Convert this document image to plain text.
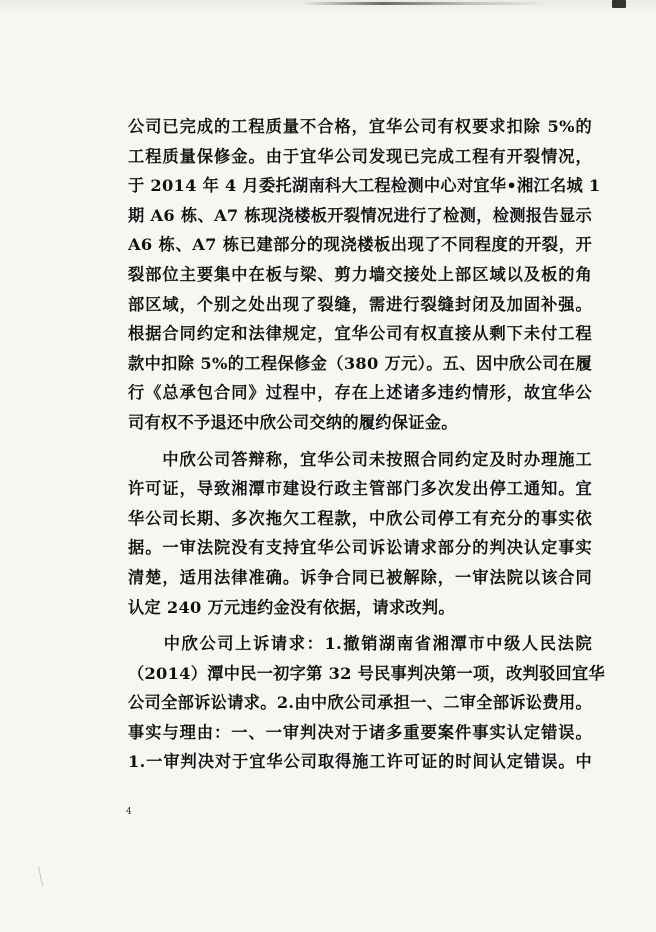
公司已完成的工程质量不合格，宜华公司有权要求扣除 5%的
工程质量保修金。由于宜华公司发现已完成工程有开裂情况，
于 2014 年 4 月委托湖南科大工程检测中心对宜华•湘江名城 1
期 A6 栋、A7 栋现浇楼板开裂情况进行了检测，检测报告显示
A6 栋、A7 栋已建部分的现浇楼板出现了不同程度的开裂，开
裂部位主要集中在板与梁、剪力墙交接处上部区域以及板的角
部区域，个别之处出现了裂缝，需进行裂缝封闭及加固补强。
根据合同约定和法律规定，宜华公司有权直接从剩下未付工程
款中扣除 5%的工程保修金（380 万元）。五、因中欣公司在履
行《总承包合同》过程中，存在上述诸多违约情形，故宜华公
司有权不予退还中欣公司交纳的履约保证金。
　　中欣公司答辩称，宜华公司未按照合同约定及时办理施工
许可证，导致湘潭市建设行政主管部门多次发出停工通知。宜
华公司长期、多次拖欠工程款，中欣公司停工有充分的事实依
据。一审法院没有支持宜华公司诉讼请求部分的判决认定事实
清楚，适用法律准确。诉争合同已被解除，一审法院以该合同
认定 240 万元违约金没有依据，请求改判。
　　中欣公司上诉请求：1.撤销湖南省湘潭市中级人民法院
（2014）潭中民一初字第 32 号民事判决第一项，改判驳回宜华
公司全部诉讼请求。2.由中欣公司承担一、二审全部诉讼费用。
事实与理由：一、一审判决对于诸多重要案件事实认定错误。
1.一审判决对于宜华公司取得施工许可证的时间认定错误。中
4
